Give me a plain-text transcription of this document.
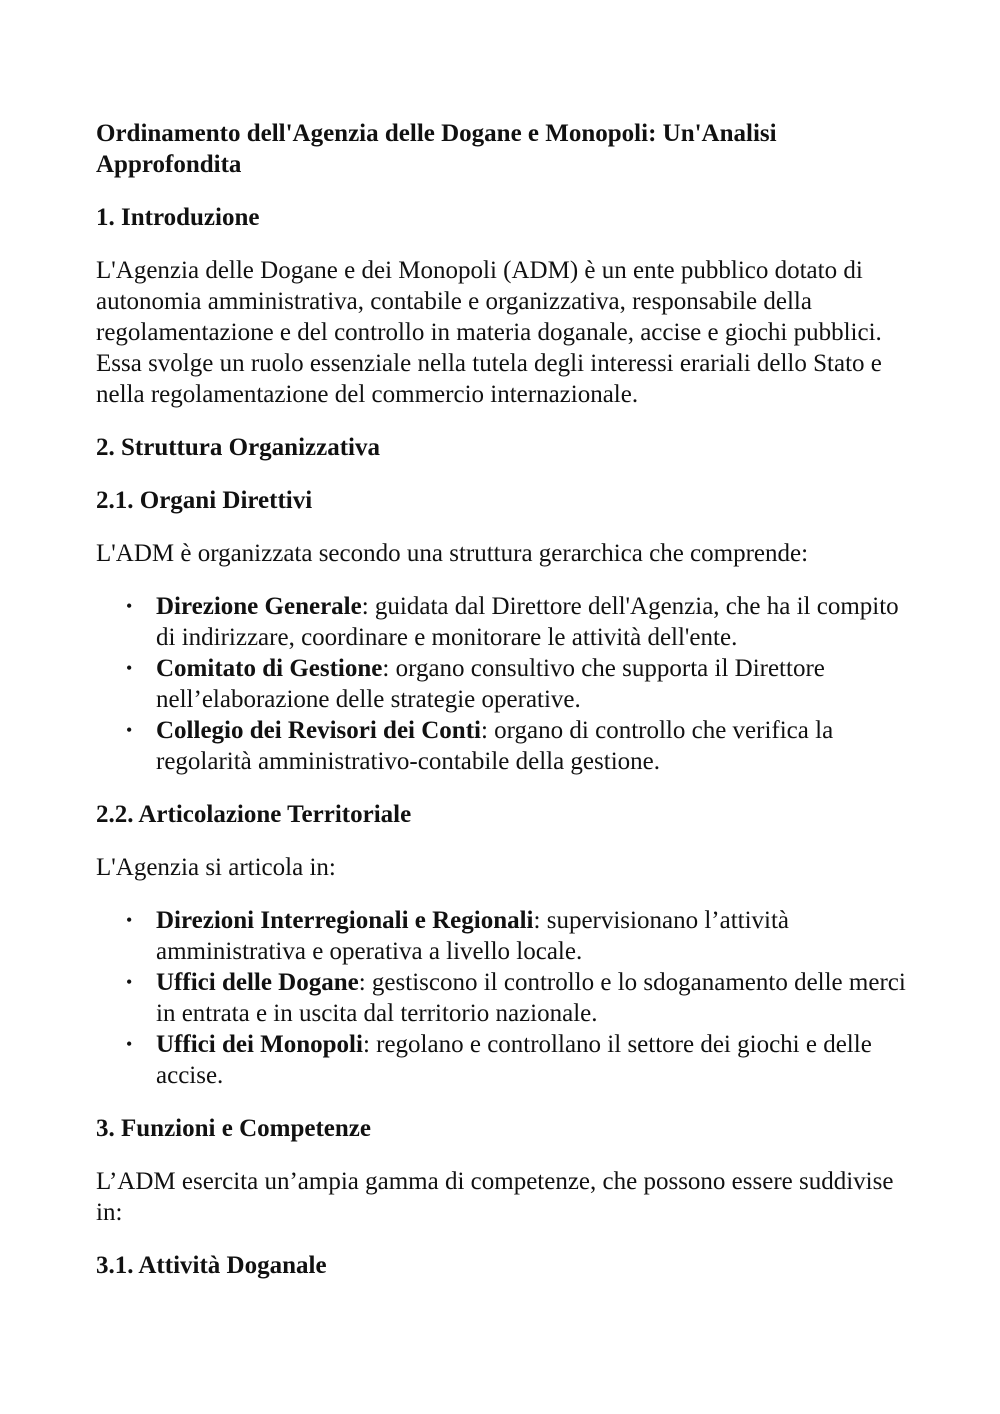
Ordinamento dell'Agenzia delle Dogane e Monopoli: Un'Analisi Approfondita
1. Introduzione

L'Agenzia delle Dogane e dei Monopoli (ADM) è un ente pubblico dotato di autonomia amministrativa, contabile e organizzativa, responsabile della regolamentazione e del controllo in materia doganale, accise e giochi pubblici. Essa svolge un ruolo essenziale nella tutela degli interessi erariali dello Stato e nella regolamentazione del commercio internazionale.

2. Struttura Organizzativa
2.1. Organi Direttivi

L'ADM è organizzata secondo una struttura gerarchica che comprende:

• Direzione Generale: guidata dal Direttore dell'Agenzia, che ha il compito di indirizzare, coordinare e monitorare le attività dell'ente.
• Comitato di Gestione: organo consultivo che supporta il Direttore nell’elaborazione delle strategie operative.
• Collegio dei Revisori dei Conti: organo di controllo che verifica la regolarità amministrativo-contabile della gestione.
2.2. Articolazione Territoriale

L'Agenzia si articola in:

• Direzioni Interregionali e Regionali: supervisionano l’attività amministrativa e operativa a livello locale.
• Uffici delle Dogane: gestiscono il controllo e lo sdoganamento delle merci in entrata e in uscita dal territorio nazionale.
• Uffici dei Monopoli: regolano e controllano il settore dei giochi e delle accise.
3. Funzioni e Competenze

L’ADM esercita un’ampia gamma di competenze, che possono essere suddivise in:

3.1. Attività Doganale
